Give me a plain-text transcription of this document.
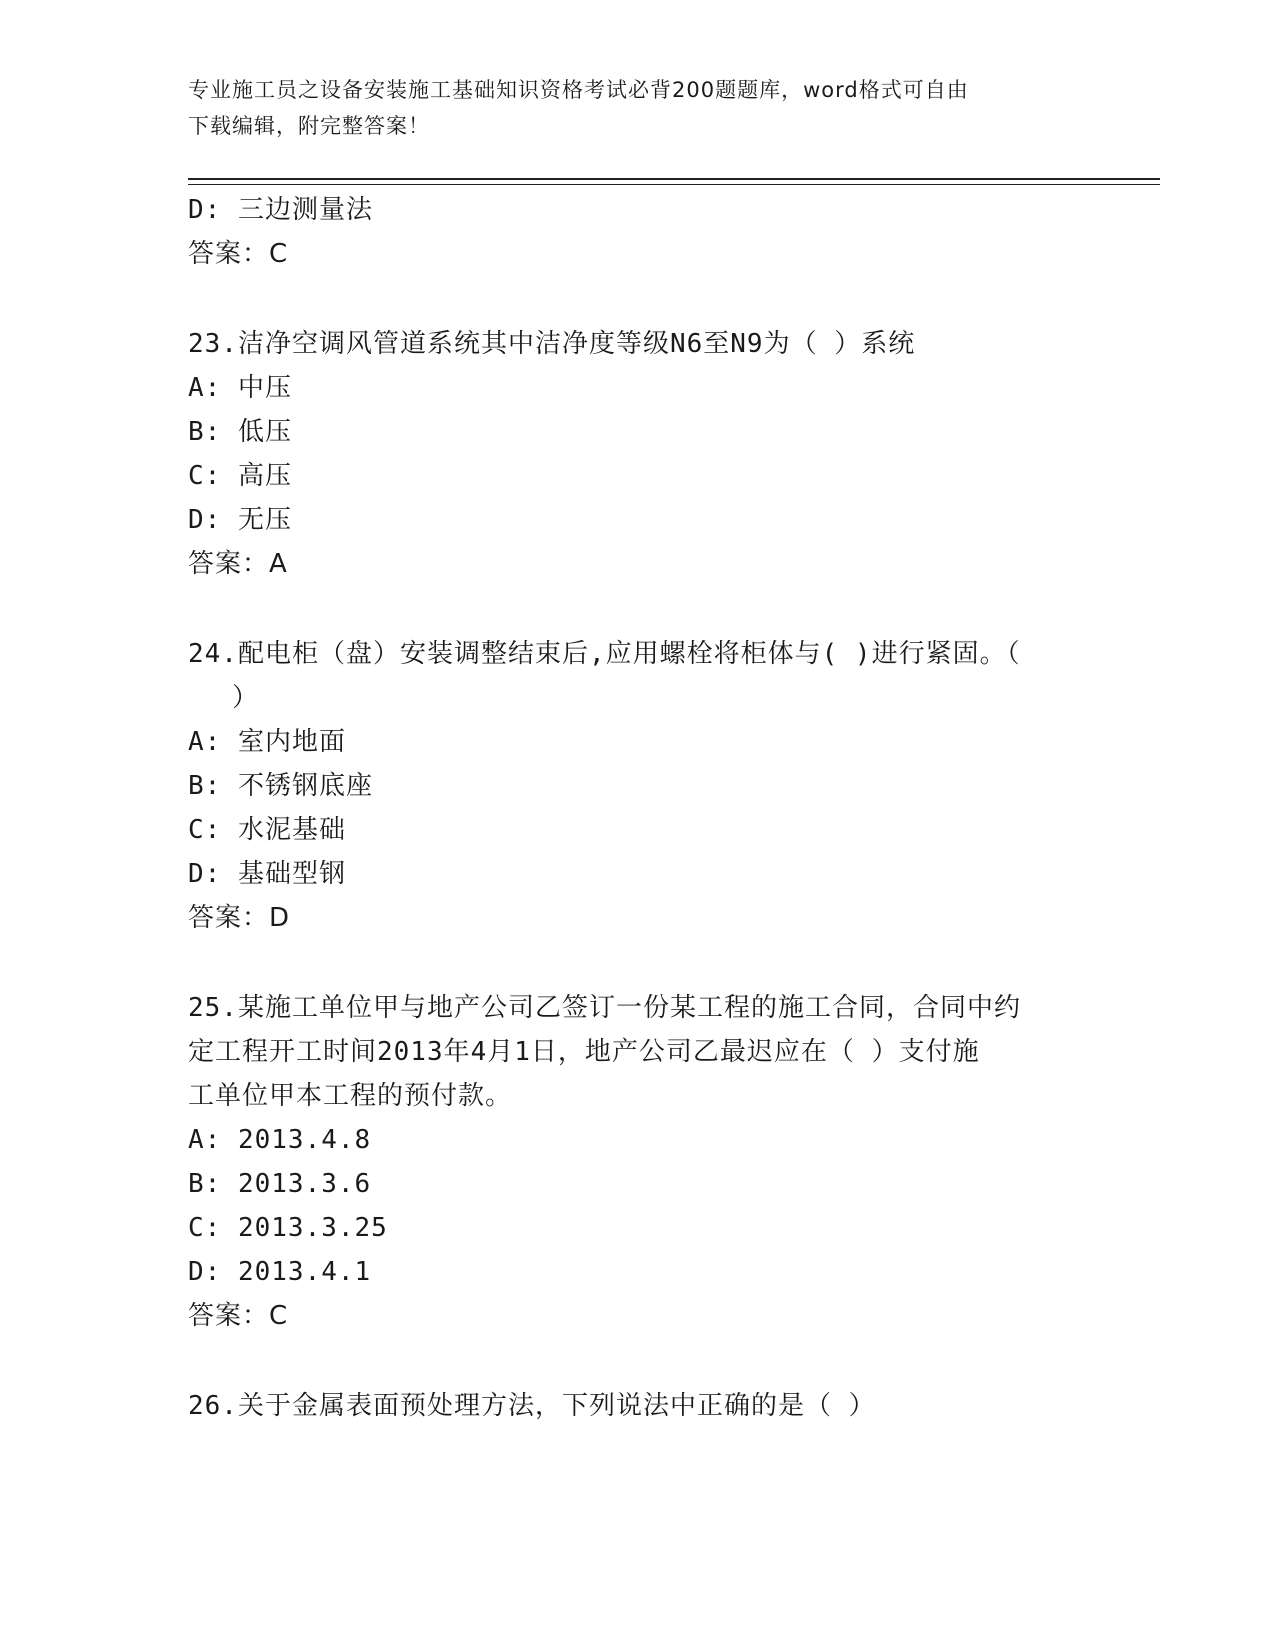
专业施工员之设备安装施工基础知识资格考试必背200题题库，word格式可自由
下载编辑，附完整答案！
D: 三边测量法
答案：C
23.洁净空调风管道系统其中洁净度等级N6至N9为（ ）系统
A: 中压
B: 低压
C: 高压
D: 无压
答案：A
24.配电柜（盘）安装调整结束后,应用螺栓将柜体与( )进行紧固。（
）
A: 室内地面
B: 不锈钢底座
C: 水泥基础
D: 基础型钢
答案：D
25.某施工单位甲与地产公司乙签订一份某工程的施工合同，合同中约
定工程开工时间2013年4月1日，地产公司乙最迟应在（ ）支付施
工单位甲本工程的预付款。
A: 2013.4.8
B: 2013.3.6
C: 2013.3.25
D: 2013.4.1
答案：C
26.关于金属表面预处理方法，下列说法中正确的是（ ）
